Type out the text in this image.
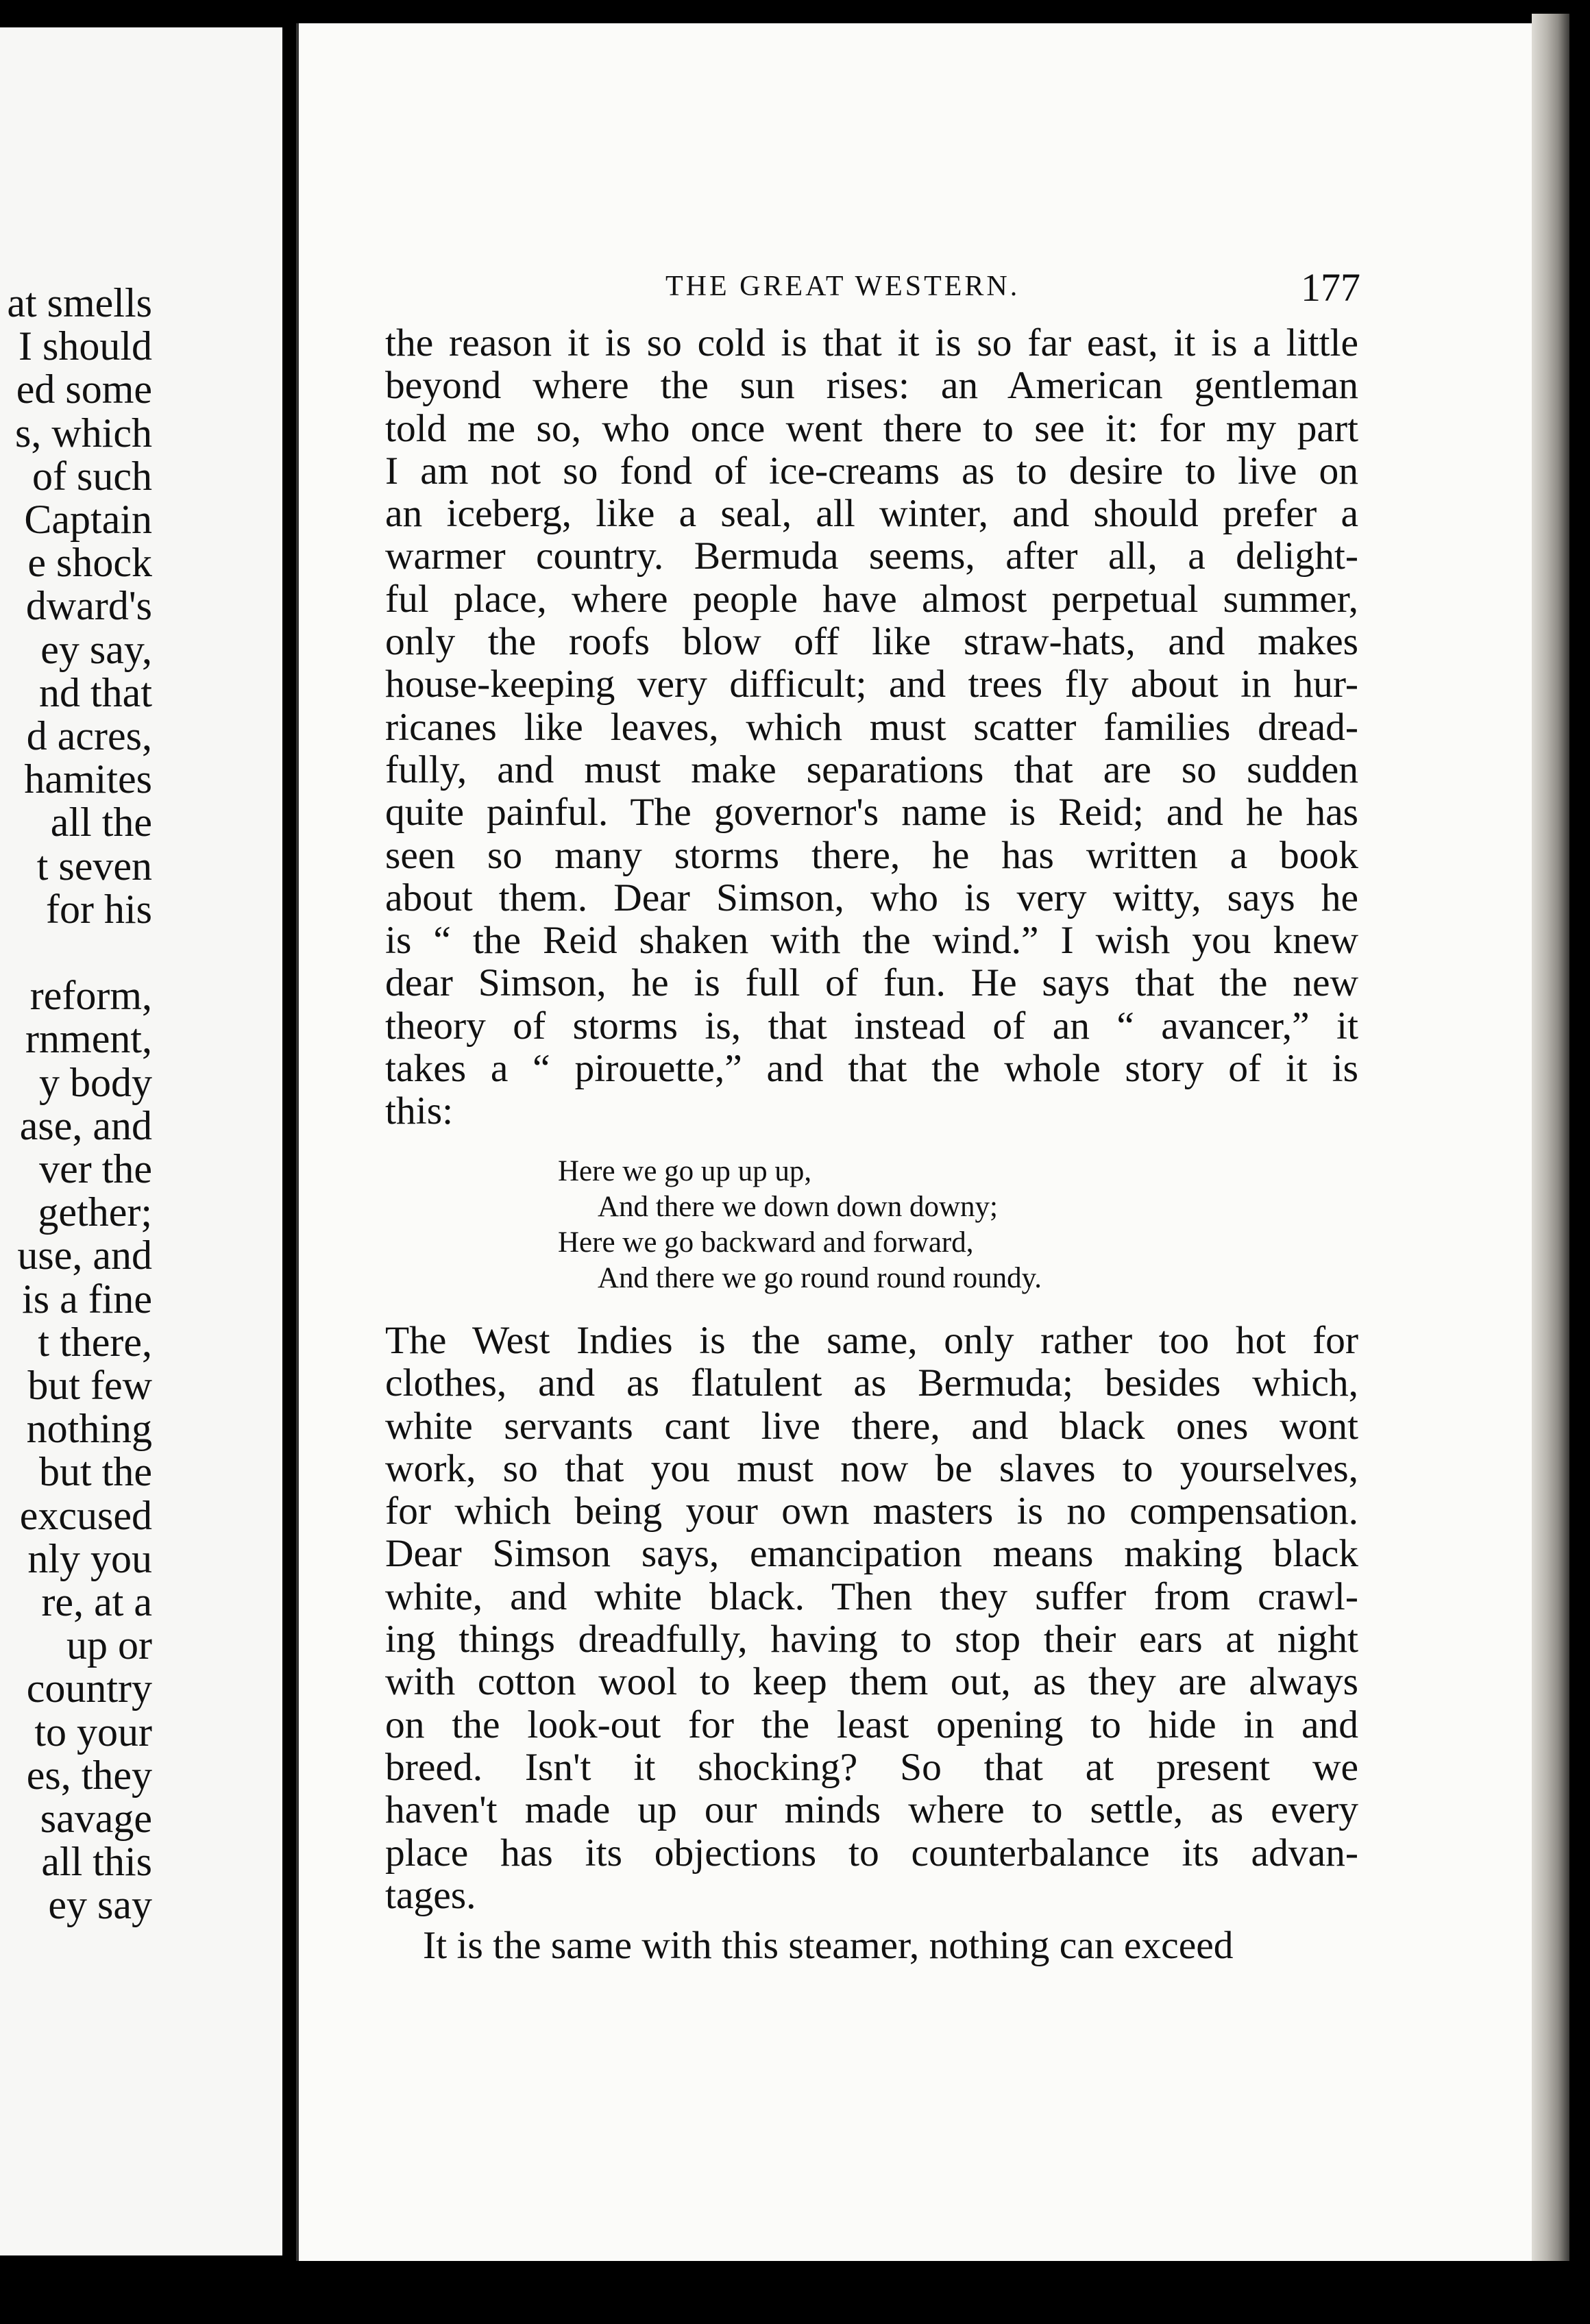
at smells
I should
ed some
s, which
of such
Captain
e shock
dward's
ey say,
nd that
d acres,
hamites
all the
t seven
for his
reform,
rnment,
y body
ase, and
ver the
gether;
use, and
is a fine
t there,
but few
nothing
but the
excused
nly you
re, at a
up or
country
to your
es, they
savage
all this
ey say
THE GREAT WESTERN.	177
the reason it is so cold is that it is so far east, it is a little
beyond where the sun rises: an American gentleman
told me so, who once went there to see it: for my part
I am not so fond of ice-creams as to desire to live on
an iceberg, like a seal, all winter, and should prefer a
warmer country. Bermuda seems, after all, a delight-
ful place, where people have almost perpetual summer,
only the roofs blow off like straw-hats, and makes
house-keeping very difficult; and trees fly about in hur-
ricanes like leaves, which must scatter families dread-
fully, and must make separations that are so sudden
quite painful. The governor's name is Reid; and he has
seen so many storms there, he has written a book
about them. Dear Simson, who is very witty, says he
is “ the Reid shaken with the wind.” I wish you knew
dear Simson, he is full of fun. He says that the new
theory of storms is, that instead of an “ avancer,” it
takes a “ pirouette,” and that the whole story of it is
this:
Here we go up up up,
And there we down down downy;
Here we go backward and forward,
And there we go round round roundy.
The West Indies is the same, only rather too hot for
clothes, and as flatulent as Bermuda; besides which,
white servants cant live there, and black ones wont
work, so that you must now be slaves to yourselves,
for which being your own masters is no compensation.
Dear Simson says, emancipation means making black
white, and white black. Then they suffer from crawl-
ing things dreadfully, having to stop their ears at night
with cotton wool to keep them out, as they are always
on the look-out for the least opening to hide in and
breed. Isn't it shocking? So that at present we
haven't made up our minds where to settle, as every
place has its objections to counterbalance its advan-
tages.
It is the same with this steamer, nothing can exceed
